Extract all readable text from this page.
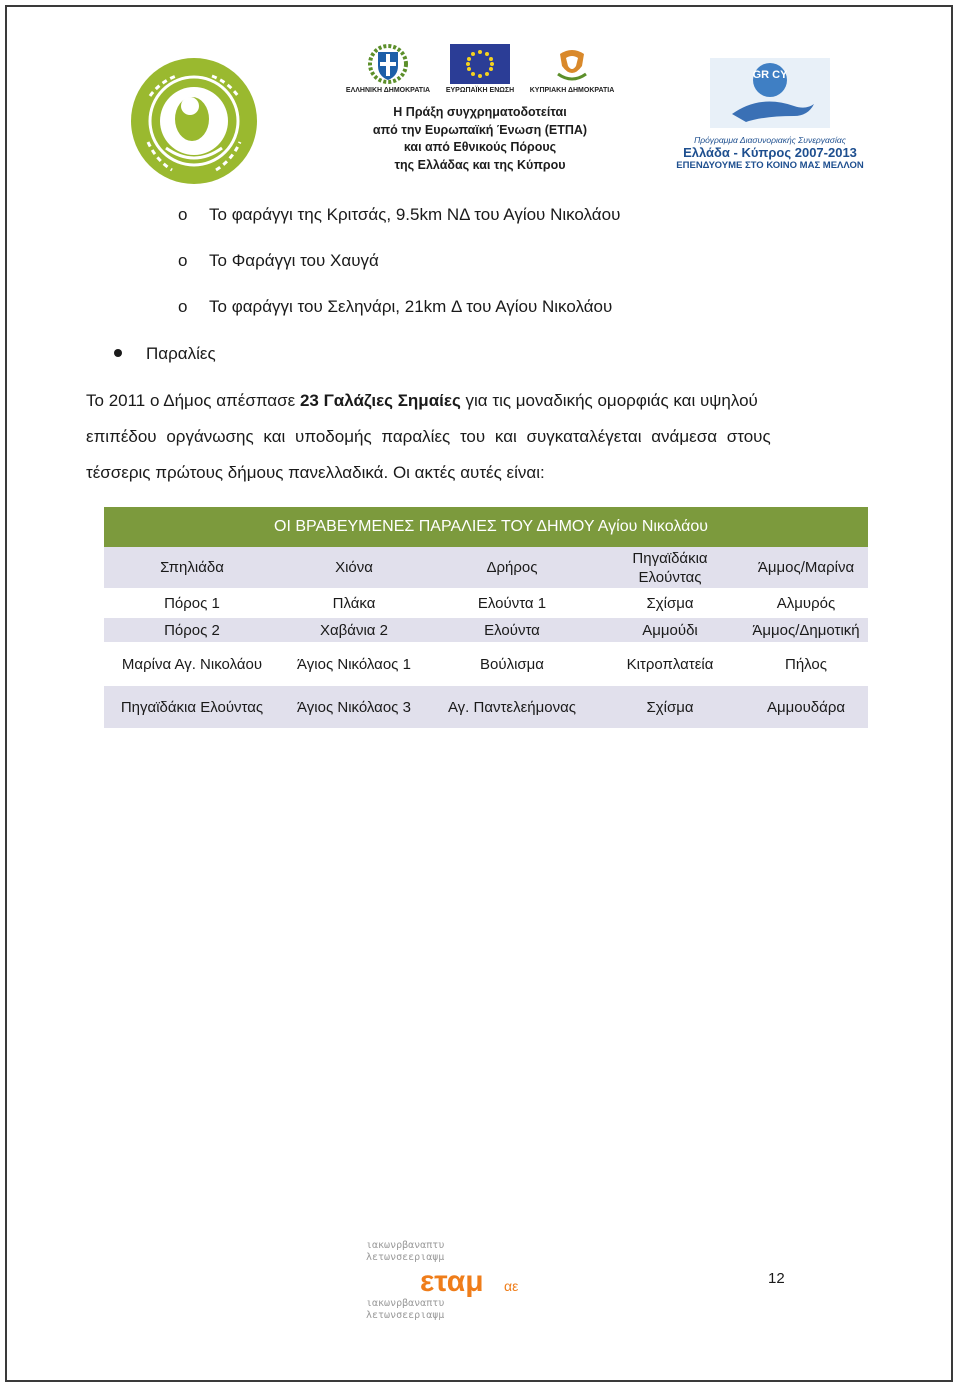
ΕΛΛΗΝΙΚΗ ΔΗΜΟΚΡΑΤΙΑ ΕΥΡΩΠΑΪΚΗ ΕΝΩΣΗ ΚΥΠΡΙΑΚΗ ΔΗΜΟΚΡΑΤΙΑ
Η Πράξη συγχρηματοδοτείται
από την Ευρωπαϊκή Ένωση (ΕΤΠΑ)
και από Εθνικούς Πόρους
της Ελλάδας και της Κύπρου
GR CY
Πρόγραμμα Διασυνοριακής Συνεργασίας
Ελλάδα - Κύπρος 2007-2013
ΕΠΕΝΔΥΟΥΜΕ ΣΤΟ ΚΟΙΝΟ ΜΑΣ ΜΕΛΛΟΝ
o Το φαράγγι της Κριτσάς, 9.5km ΝΔ του Αγίου Νικολάου
o Το Φαράγγι του Χαυγά
o Το φαράγγι του Σεληνάρι, 21km Δ του Αγίου Νικολάου
Παραλίες
Το 2011 ο Δήμος απέσπασε 23 Γαλάζιες Σημαίες για τις μοναδικής ομορφιάς και υψηλού
επιπέδου οργάνωσης και υποδομής παραλίες του και συγκαταλέγεται ανάμεσα στους
τέσσερις πρώτους δήμους πανελλαδικά. Οι ακτές αυτές είναι:
ΟΙ ΒΡΑΒΕΥΜΕΝΕΣ ΠΑΡΑΛΙΕΣ ΤΟΥ ΔΗΜΟΥ Αγίου Νικολάου				
Σπηλιάδα	Χιόνα	Δρήρος	Πηγαϊδάκια Ελούντας	Άμμος/Μαρίνα
Πόρος 1	Πλάκα	Ελούντα 1	Σχίσμα	Αλμυρός
Πόρος 2	Χαβάνια 2	Ελούντα	Αμμούδι	Άμμος/Δημοτική
Μαρίνα Αγ. Νικολάου	Άγιος Νικόλαος 1	Βούλισμα	Κιτροπλατεία	Πήλος
Πηγαϊδάκια Ελούντας	Άγιος Νικόλαος 3	Αγ. Παντελεήμονας	Σχίσμα	Αμμουδάρα
ιακωνρβαναπτυ
λετωνσεεριαψμ
ιακωνρβαναπτυ
λετωνσεεριαψμ
εταμ αε	12
